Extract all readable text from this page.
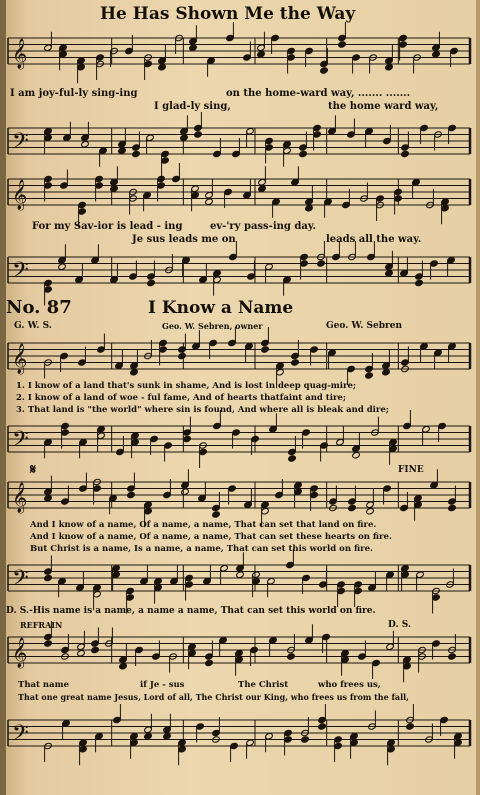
He Has Shown Me the Way
𝄞
I am joy-ful-ly sing-ing	on the home-ward way, ....... .......
I glad-ly sing,	the home ward way,
𝄢
𝄞
For my Sav-ior is lead - ing	ev-'ry pass-ing day.
Je sus leads me on	leads all the way.
𝄢
No. 87	I Know a Name
G. W. S.	Geo. W. Sebren, owner	Geo. W. Sebren
𝄞
1. I know of a land that's sunk in shame, And is lost in deep quag-mire;
2. I know of a land of woe - ful fame, And of hearts thatfaint and tire;
3. That land is "the world" where sin is found, And where all is bleak and dire;
𝄢
𝄋	FINE
𝄞
And I know of a name, Of a name, a name, That can set that land on fire.
And I know of a name, Of a name, a name, That can set these hearts on fire.
But Christ is a name, Is a name, a name, That can set this world on fire.
𝄢
D. S.-His name is a name, a name a name, That can set this world on fire.
REFRAIN	D. S.
𝄞
That name	if Je - sus	The Christ	who frees us,
That one great name Jesus, Lord of all, The Christ our King, who frees us from the fall,
𝄢
